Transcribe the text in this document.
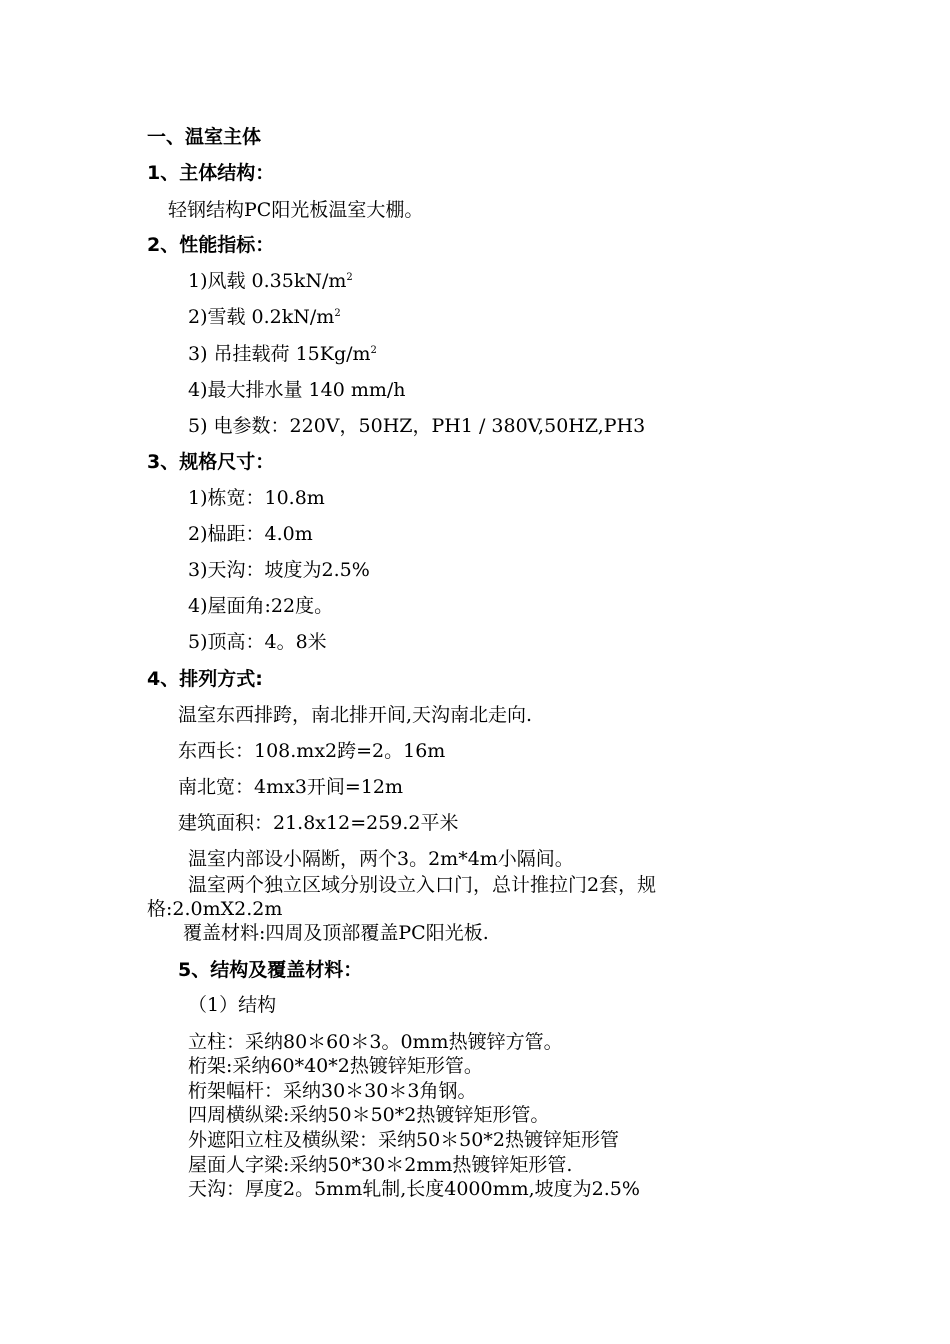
一、温室主体
1、主体结构：
轻钢结构PC阳光板温室大棚。
2、性能指标：
1)风载 $0.35kN/m^2$
2)雪载 $0.2kN/m^2$
3) 吊挂载荷 $15Kg/m^2$
4)最大排水量 140 mm/h
5) 电参数：220V，50HZ，PH1 / 380V,50HZ,PH3
3、规格尺寸：
1)栋宽：10.8m
2)榀距：4.0m
3)天沟：坡度为2.5%
4)屋面角:22度。
5)顶高：4。8米
4、排列方式:
温室东西排跨，南北排开间,天沟南北走向.
东西长：108.mx2跨=2。16m
南北宽：4mx3开间=12m
建筑面积：21.8x12=259.2平米
温室内部设小隔断，两个3。2m*4m小隔间。
温室两个独立区域分别设立入口门，总计推拉门2套，规
格:2.0mX2.2m
覆盖材料:四周及顶部覆盖PC阳光板.
5、结构及覆盖材料：
（1）结构
立柱：采纳80＊60＊3。0mm热镀锌方管。
桁架:采纳60*40*2热镀锌矩形管。
桁架幅杆：采纳30＊30＊3角钢。
四周横纵梁:采纳50＊50*2热镀锌矩形管。
外遮阳立柱及横纵梁：采纳50＊50*2热镀锌矩形管
屋面人字梁:采纳50*30＊2mm热镀锌矩形管.
天沟：厚度2。5mm轧制,长度4000mm,坡度为2.5%
